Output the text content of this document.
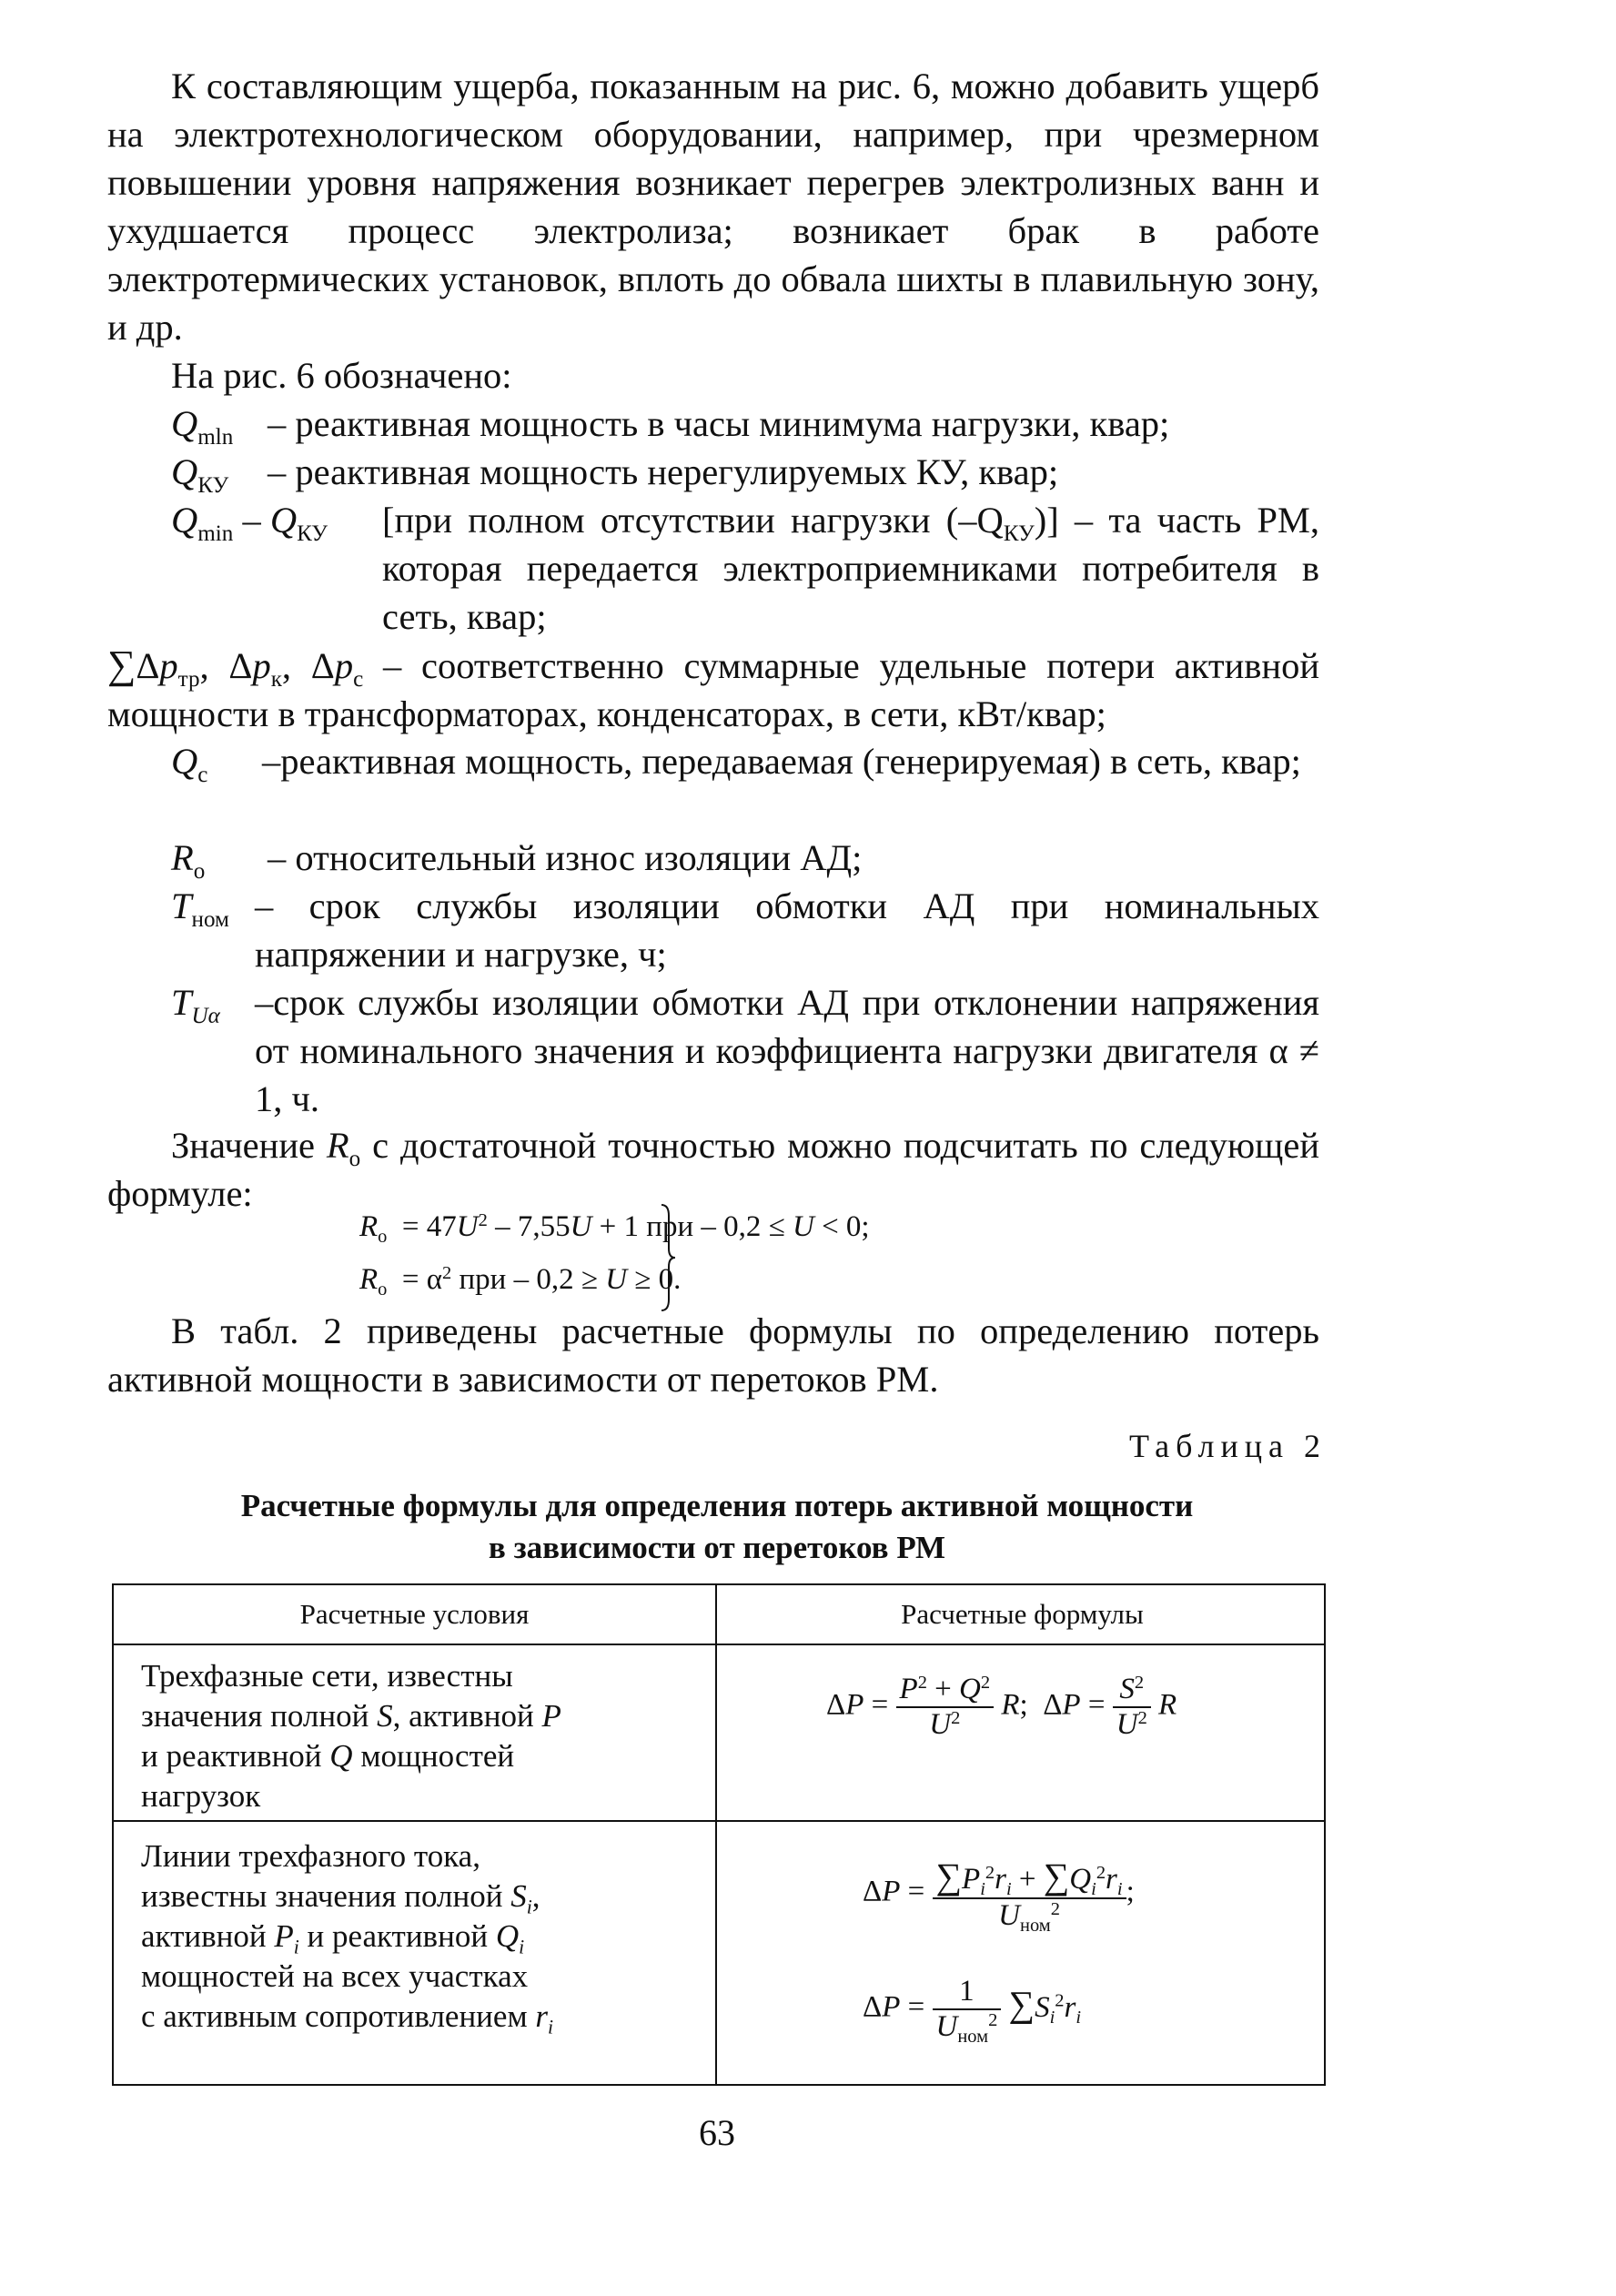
К составляющим ущерба, показанным на рис. 6, можно добавить ущерб на электротехнологическом оборудовании, например, при чрезмерном повышении уровня напряжения возникает перегрев электролизных ванн и ухудшается процесс электролиза; возникает брак в работе электротермических установок, вплоть до обвала шихты в плавильную зону, и др.

На рис. 6 обозначено:

$Q_{mln}$ – реактивная мощность в часы минимума нагрузки, квар;
$Q_{КУ}$ – реактивная мощность нерегулируемых КУ, квар;
$Q_{min} - Q_{КУ}$ [при полном отсутствии нагрузки $(-Q_{КУ})$] – та часть РМ, которая передается электроприемниками потребителя в сеть, квар;
$\sum\Delta p_{тр}$, $\Delta p_к$, $\Delta p_с$ – соответственно суммарные удельные потери активной мощности в трансформаторах, конденсаторах, в сети, кВт/квар;
$Q_с$ –реактивная мощность, передаваемая (генерируемая) в сеть, квар;
$R_о$ – относительный износ изоляции АД;
$T_{ном}$ – срок службы изоляции обмотки АД при номинальных напряжении и нагрузке, ч;
$T_{U\alpha}$ –срок службы изоляции обмотки АД при отклонении напряжения от номинального значения и коэффициента нагрузки двигателя α ≠ 1, ч.

Значение $R_о$ с достаточной точностью можно подсчитать по следующей формуле:

$R_о = 47U^2 - 7,55U + 1$ при – 0,2 ≤ U < 0;
$R_о = \alpha^2$ при – 0,2 ≥ U ≥ 0.

В табл. 2 приведены расчетные формулы по определению потерь активной мощности в зависимости от перетоков РМ.

Таблица 2
Расчетные формулы для определения потерь активной мощности
в зависимости от перетоков РМ
Расчетные условия	Расчетные формулы
Трехфазные сети, известны
значения полной S, активной P
и реактивной Q мощностей
нагрузок
$\Delta P = \frac{P^2 + Q^2}{U^2} R$;  $\Delta P = \frac{S^2}{U^2}$ R
Линии трехфазного тока,
известны значения полной $S_i$,
активной $P_i$ и реактивной $Q_i$
мощностей на всех участках
с активным сопротивлением $r_i$
$\Delta P = \frac{\sum P_i^2r_i + \sum Q_i^2r_i}{U_{ном}^2}$ ;
$\Delta P = \frac{1}{U_{ном}^2} \sum S_i^2r_i$
63
